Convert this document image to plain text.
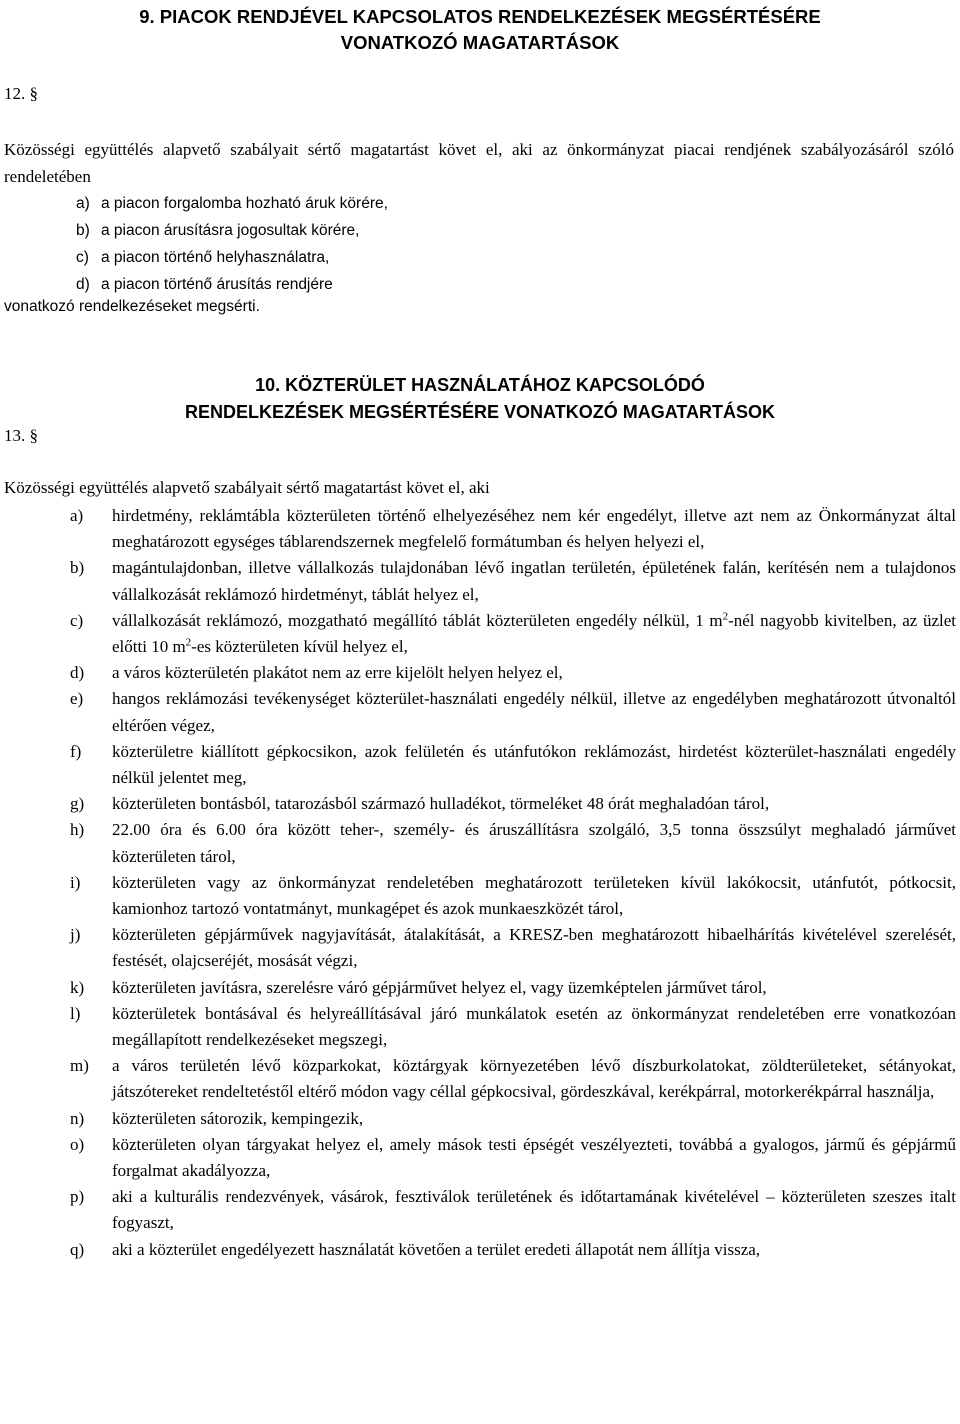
9. PIACOK RENDJÉVEL KAPCSOLATOS RENDELKEZÉSEK MEGSÉRTÉSÉRE
VONATKOZÓ MAGATARTÁSOK
12. §
Közösségi együttélés alapvető szabályait sértő magatartást követ el, aki az önkormányzat piacai rendjének szabályozásáról szóló rendeletében
a) a piacon forgalomba hozható áruk körére,
b) a piacon árusításra jogosultak körére,
c) a piacon történő helyhasználatra,
d) a piacon történő árusítás rendjére
vonatkozó rendelkezéseket megsérti.
10. KÖZTERÜLET HASZNÁLATÁHOZ KAPCSOLÓDÓ
RENDELKEZÉSEK MEGSÉRTÉSÉRE VONATKOZÓ MAGATARTÁSOK
13. §
Közösségi együttélés alapvető szabályait sértő magatartást követ el, aki
a)	hirdetmény, reklámtábla közterületen történő elhelyezéséhez nem kér engedélyt, illetve azt nem az Önkormányzat által meghatározott egységes táblarendszernek megfelelő formátumban és helyen helyezi el,
b)	magántulajdonban, illetve vállalkozás tulajdonában lévő ingatlan területén, épületének falán, kerítésén nem a tulajdonos vállalkozását reklámozó hirdetményt, táblát helyez el,
c)	vállalkozását reklámozó, mozgatható megállító táblát közterületen engedély nélkül, 1 $m^2$-nél nagyobb kivitelben, az üzlet előtti 10 $m^2-es$ közterületen kívül helyez el,
d)	a város közterületén plakátot nem az erre kijelölt helyen helyez el,
e)	hangos reklámozási tevékenységet közterület-használati engedély nélkül, illetve az engedélyben meghatározott útvonaltól eltérően végez,
f)	közterületre kiállított gépkocsikon, azok felületén és utánfutókon reklámozást, hirdetést közterület-használati engedély nélkül jelentet meg,
g)	közterületen bontásból, tatarozásból származó hulladékot, törmeléket 48 órát meghaladóan tárol,
h)	22.00 óra és 6.00 óra között teher-, személy- és áruszállításra szolgáló, 3,5 tonna összsúlyt meghaladó járművet közterületen tárol,
i)	közterületen vagy az önkormányzat rendeletében meghatározott területeken kívül lakókocsit, utánfutót, pótkocsit, kamionhoz tartozó vontatmányt, munkagépet és azok munkaeszközét tárol,
j)	közterületen gépjárművek nagyjavítását, átalakítását, a KRESZ-ben meghatározott hibaelhárítás kivételével szerelését, festését, olajcseréjét, mosását végzi,
k)	közterületen javításra, szerelésre váró gépjárművet helyez el, vagy üzemképtelen járművet tárol,
l)	közterületek bontásával és helyreállításával járó munkálatok esetén az önkormányzat rendeletében erre vonatkozóan megállapított rendelkezéseket megszegi,
m)	a város területén lévő közparkokat, köztárgyak környezetében lévő díszburkolatokat, zöldterületeket, sétányokat, játszótereket rendeltetéstől eltérő módon vagy céllal gépkocsival, gördeszkával, kerékpárral, motorkerékpárral használja,
n)	közterületen sátorozik, kempingezik,
o)	közterületen olyan tárgyakat helyez el, amely mások testi épségét veszélyezteti, továbbá a gyalogos, jármű és gépjármű forgalmat akadályozza,
p)	aki a kulturális rendezvények, vásárok, fesztiválok területének és időtartamának kivételével – közterületen szeszes italt fogyaszt,
q)	aki a közterület engedélyezett használatát követően a terület eredeti állapotát nem állítja vissza,
